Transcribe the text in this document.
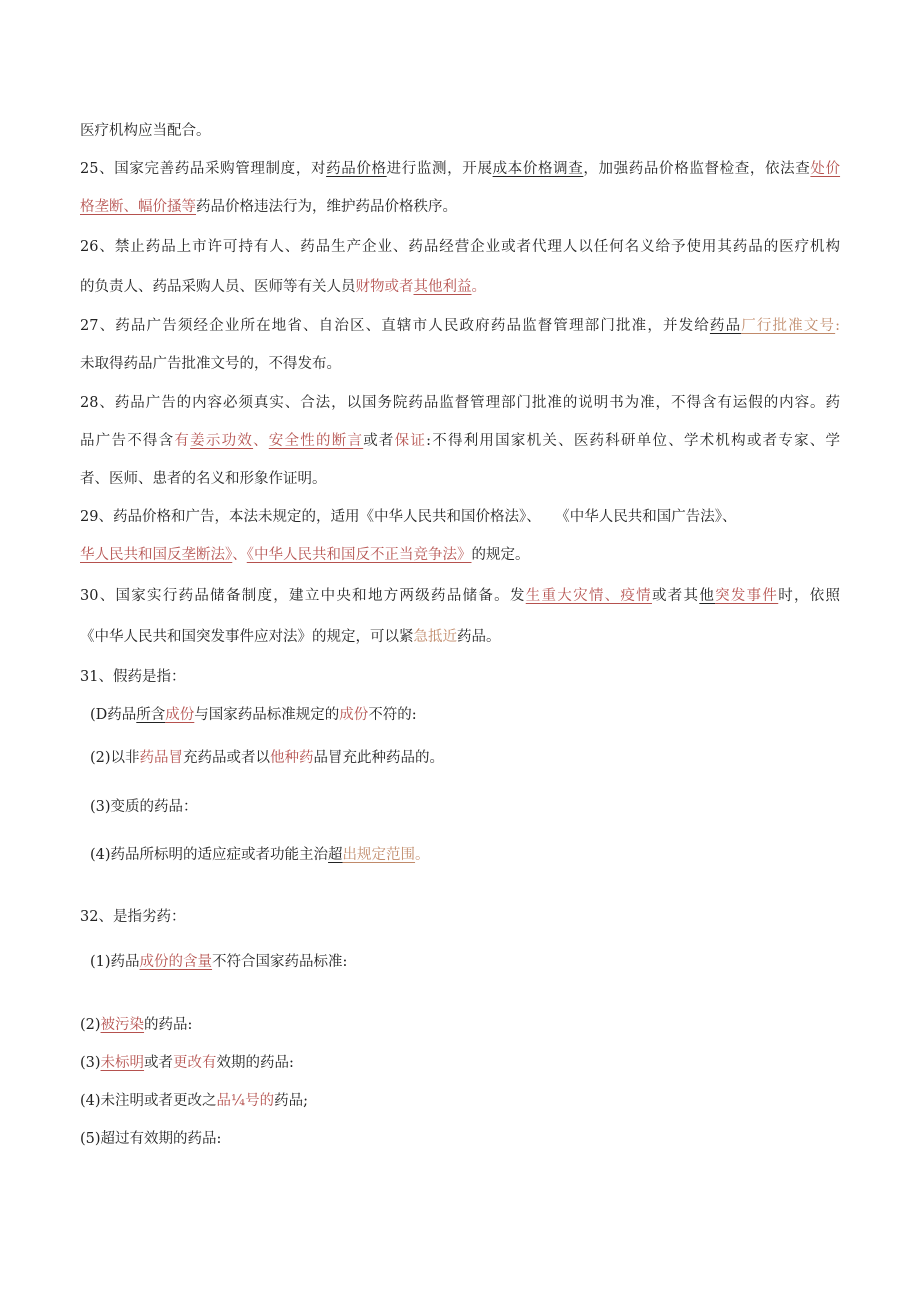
医疗机构应当配合。
25、国家完善药品采购管理制度，对药品价格进行监测，开展成本价格调查，加强药品价格监督检查，依法查处价
格垄断、幅价搔等药品价格违法行为，维护药品价格秩序。
26、禁止药品上市许可持有人、药品生产企业、药品经营企业或者代理人以任何名义给予使用其药品的医疗机构
的负责人、药品采购人员、医师等有关人员财物或者其他利益。
27、药品广告须经企业所在地省、自治区、直辖市人民政府药品监督管理部门批准，并发给药品厂行批准文号:
未取得药品广告批准文号的，不得发布。
28、药品广告的内容必须真实、合法，以国务院药品监督管理部门批准的说明书为准，不得含有运假的内容。药
品广告不得含有姜示功效、安全性的断言或者保证:不得利用国家机关、医药科研单位、学术机构或者专家、学
者、医师、患者的名义和形象作证明。
29、药品价格和广告，本法未规定的，适用《中华人民共和国价格法》、　　《中华人民共和国广告法》、
华人民共和国反垄断法》、《中华人民共和国反不正当竞争法》的规定。
30、国家实行药品储备制度，建立中央和地方两级药品储备。发生重大灾情、疫情或者其他突发事件时，依照
《中华人民共和国突发事件应对法》的规定，可以紧急抵近药品。
31、假药是指：
(D药品所含成份与国家药品标准规定的成份不符的:
(2)以非药品冒充药品或者以他种药品冒充此种药品的。
(3)变质的药品：
(4)药品所标明的适应症或者功能主治超出规定范围。
32、是指劣药：
(1)药品成份的含量不符合国家药品标准:
(2)被污染的药品:
(3)未标明或者更改有效期的药品:
(4)未注明或者更改之品¼号的药品;
(5)超过有效期的药品:
